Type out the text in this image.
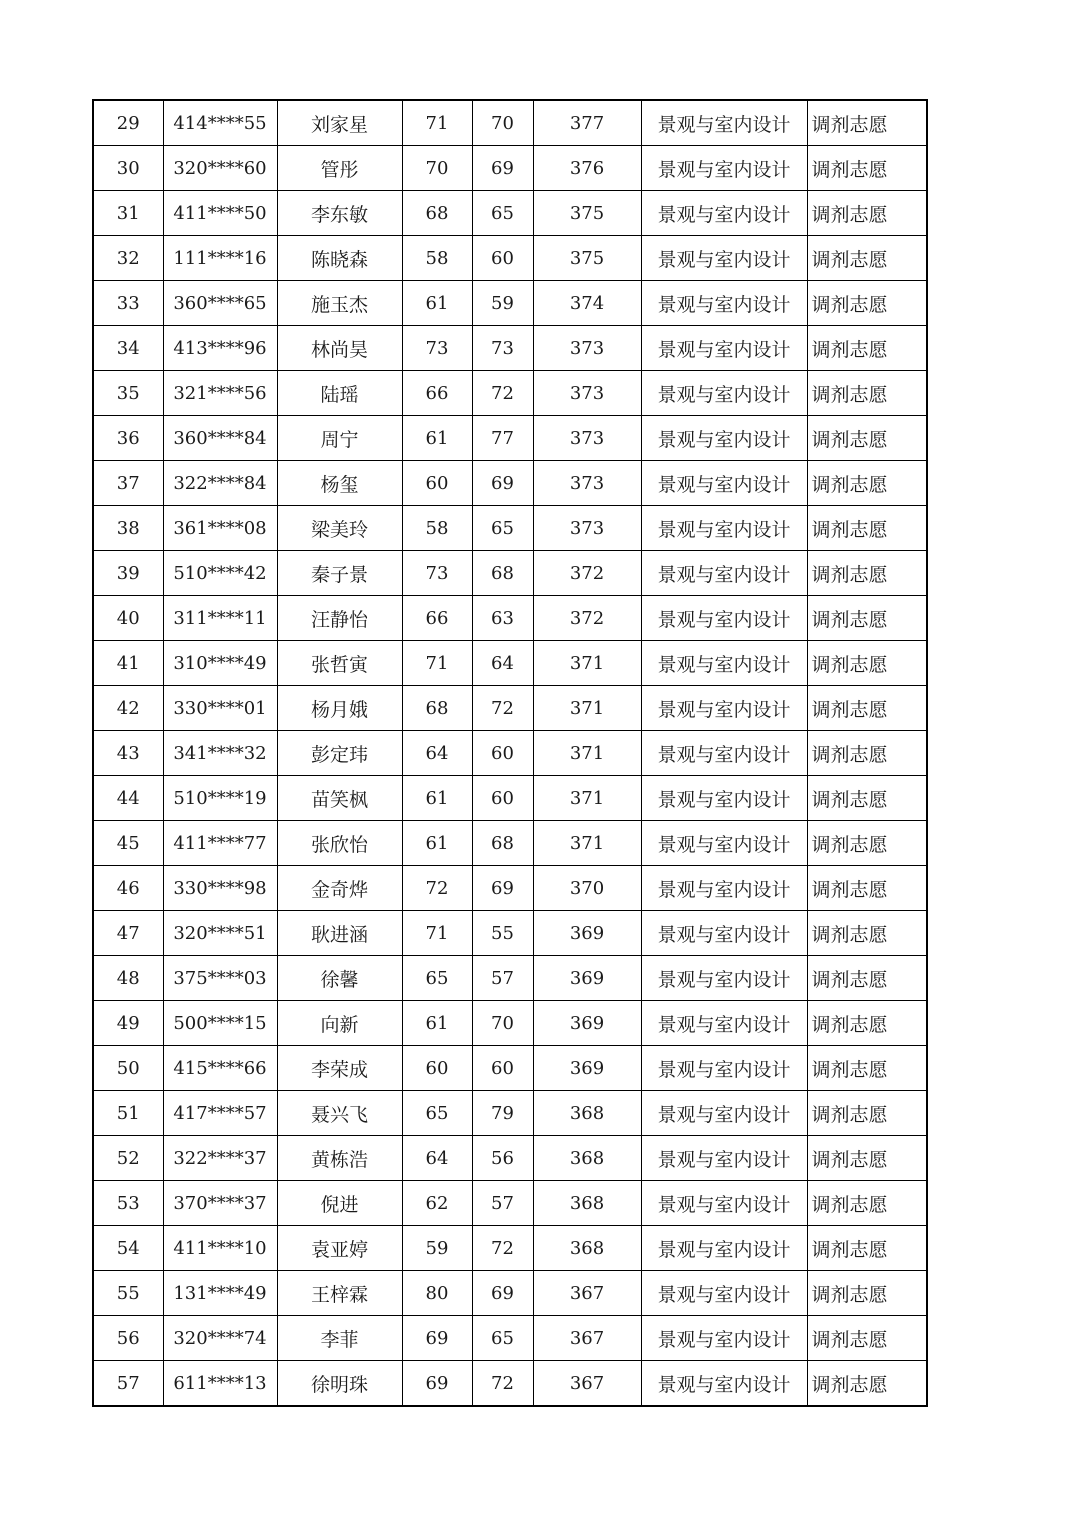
29	414****55	刘家星	71	70	377	景观与室内设计	调剂志愿
30	320****60	管彤	70	69	376	景观与室内设计	调剂志愿
31	411****50	李东敏	68	65	375	景观与室内设计	调剂志愿
32	111****16	陈晓森	58	60	375	景观与室内设计	调剂志愿
33	360****65	施玉杰	61	59	374	景观与室内设计	调剂志愿
34	413****96	林尚昊	73	73	373	景观与室内设计	调剂志愿
35	321****56	陆瑶	66	72	373	景观与室内设计	调剂志愿
36	360****84	周宁	61	77	373	景观与室内设计	调剂志愿
37	322****84	杨玺	60	69	373	景观与室内设计	调剂志愿
38	361****08	梁美玲	58	65	373	景观与室内设计	调剂志愿
39	510****42	秦子景	73	68	372	景观与室内设计	调剂志愿
40	311****11	汪静怡	66	63	372	景观与室内设计	调剂志愿
41	310****49	张哲寅	71	64	371	景观与室内设计	调剂志愿
42	330****01	杨月娥	68	72	371	景观与室内设计	调剂志愿
43	341****32	彭定玮	64	60	371	景观与室内设计	调剂志愿
44	510****19	苗笑枫	61	60	371	景观与室内设计	调剂志愿
45	411****77	张欣怡	61	68	371	景观与室内设计	调剂志愿
46	330****98	金奇烨	72	69	370	景观与室内设计	调剂志愿
47	320****51	耿进涵	71	55	369	景观与室内设计	调剂志愿
48	375****03	徐馨	65	57	369	景观与室内设计	调剂志愿
49	500****15	向新	61	70	369	景观与室内设计	调剂志愿
50	415****66	李荣成	60	60	369	景观与室内设计	调剂志愿
51	417****57	聂兴飞	65	79	368	景观与室内设计	调剂志愿
52	322****37	黄栋浩	64	56	368	景观与室内设计	调剂志愿
53	370****37	倪进	62	57	368	景观与室内设计	调剂志愿
54	411****10	袁亚婷	59	72	368	景观与室内设计	调剂志愿
55	131****49	王梓霖	80	69	367	景观与室内设计	调剂志愿
56	320****74	李菲	69	65	367	景观与室内设计	调剂志愿
57	611****13	徐明珠	69	72	367	景观与室内设计	调剂志愿
